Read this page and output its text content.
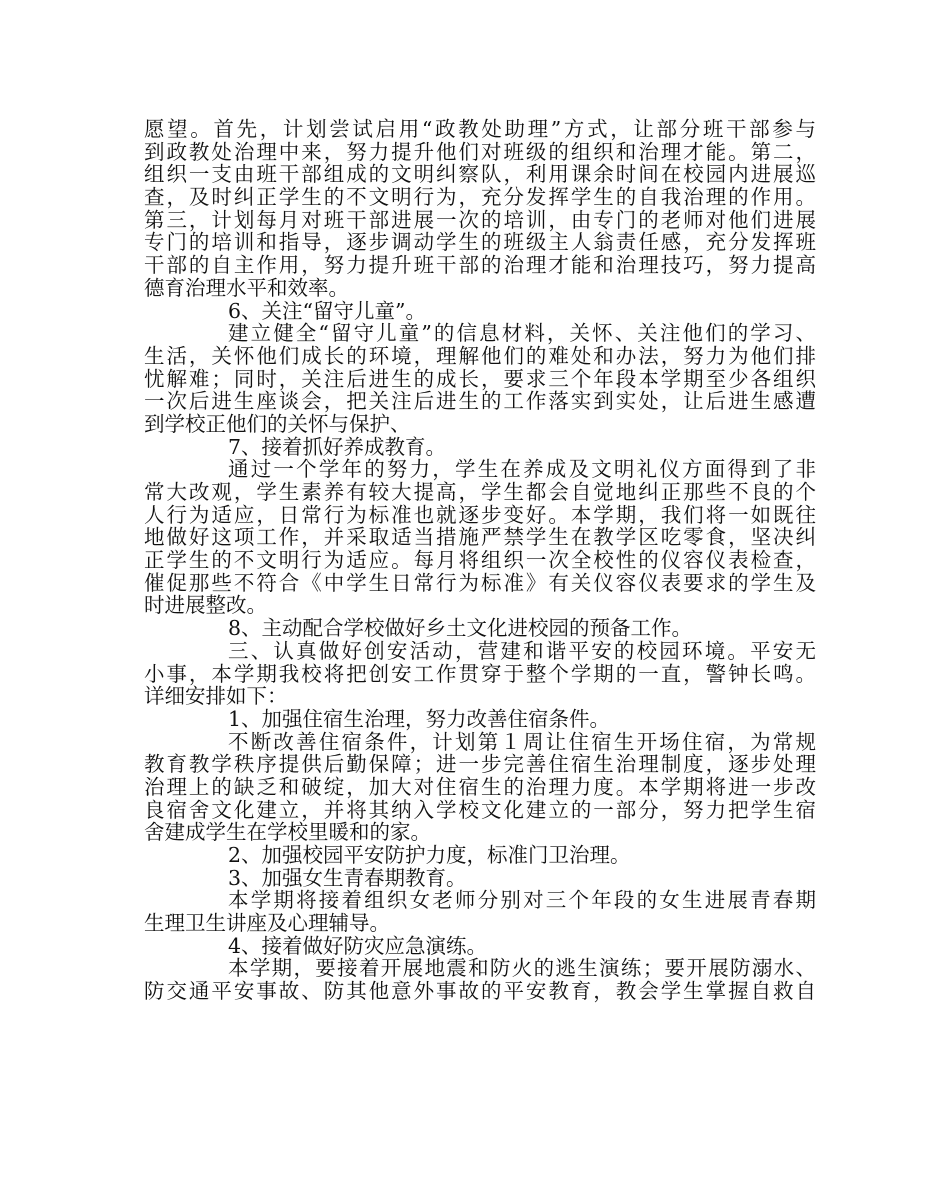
愿望。首先，计划尝试启用“政教处助理”方式，让部分班干部参与
到政教处治理中来，努力提升他们对班级的组织和治理才能。第二，
组织一支由班干部组成的文明纠察队，利用课余时间在校园内进展巡
查，及时纠正学生的不文明行为，充分发挥学生的自我治理的作用。
第三，计划每月对班干部进展一次的培训，由专门的老师对他们进展
专门的培训和指导，逐步调动学生的班级主人翁责任感，充分发挥班
干部的自主作用，努力提升班干部的治理才能和治理技巧，努力提高
德育治理水平和效率。
6、关注“留守儿童”。
建立健全“留守儿童”的信息材料，关怀、关注他们的学习、
生活，关怀他们成长的环境，理解他们的难处和办法，努力为他们排
忧解难；同时，关注后进生的成长，要求三个年段本学期至少各组织
一次后进生座谈会，把关注后进生的工作落实到实处，让后进生感遭
到学校正他们的关怀与保护、
7、接着抓好养成教育。
通过一个学年的努力，学生在养成及文明礼仪方面得到了非
常大改观，学生素养有较大提高，学生都会自觉地纠正那些不良的个
人行为适应，日常行为标准也就逐步变好。本学期，我们将一如既往
地做好这项工作，并采取适当措施严禁学生在教学区吃零食，坚决纠
正学生的不文明行为适应。每月将组织一次全校性的仪容仪表检查，
催促那些不符合《中学生日常行为标准》有关仪容仪表要求的学生及
时进展整改。
8、主动配合学校做好乡土文化进校园的预备工作。
三、认真做好创安活动，营建和谐平安的校园环境。平安无
小事，本学期我校将把创安工作贯穿于整个学期的一直，警钟长鸣。
详细安排如下：
1、加强住宿生治理，努力改善住宿条件。
不断改善住宿条件，计划第１周让住宿生开场住宿，为常规
教育教学秩序提供后勤保障；进一步完善住宿生治理制度，逐步处理
治理上的缺乏和破绽，加大对住宿生的治理力度。本学期将进一步改
良宿舍文化建立，并将其纳入学校文化建立的一部分，努力把学生宿
舍建成学生在学校里暖和的家。
2、加强校园平安防护力度，标准门卫治理。
3、加强女生青春期教育。
本学期将接着组织女老师分别对三个年段的女生进展青春期
生理卫生讲座及心理辅导。
4、接着做好防灾应急演练。
本学期，要接着开展地震和防火的逃生演练；要开展防溺水、
防交通平安事故、防其他意外事故的平安教育，教会学生掌握自救自
